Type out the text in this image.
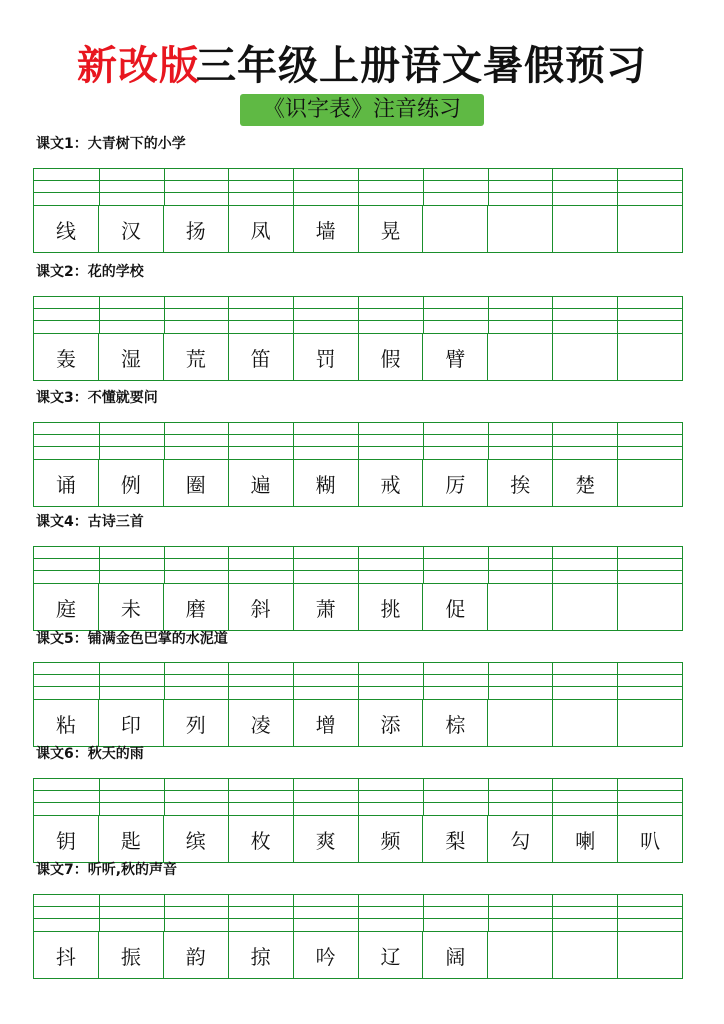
新改版三年级上册语文暑假预习
《识字表》注音练习
课文1：大青树下的小学
线	汉	扬	凤	墙	晃
课文2：花的学校
轰	湿	荒	笛	罚	假	臂
课文3：不懂就要问
诵	例	圈	遍	糊	戒	厉	挨	楚
课文4：古诗三首
庭	未	磨	斜	萧	挑	促
课文5：铺满金色巴掌的水泥道
粘	印	列	凌	增	添	棕
课文6：秋天的雨
钥	匙	缤	枚	爽	频	梨	勾	喇	叭
课文7：听听,秋的声音
抖	振	韵	掠	吟	辽	阔
